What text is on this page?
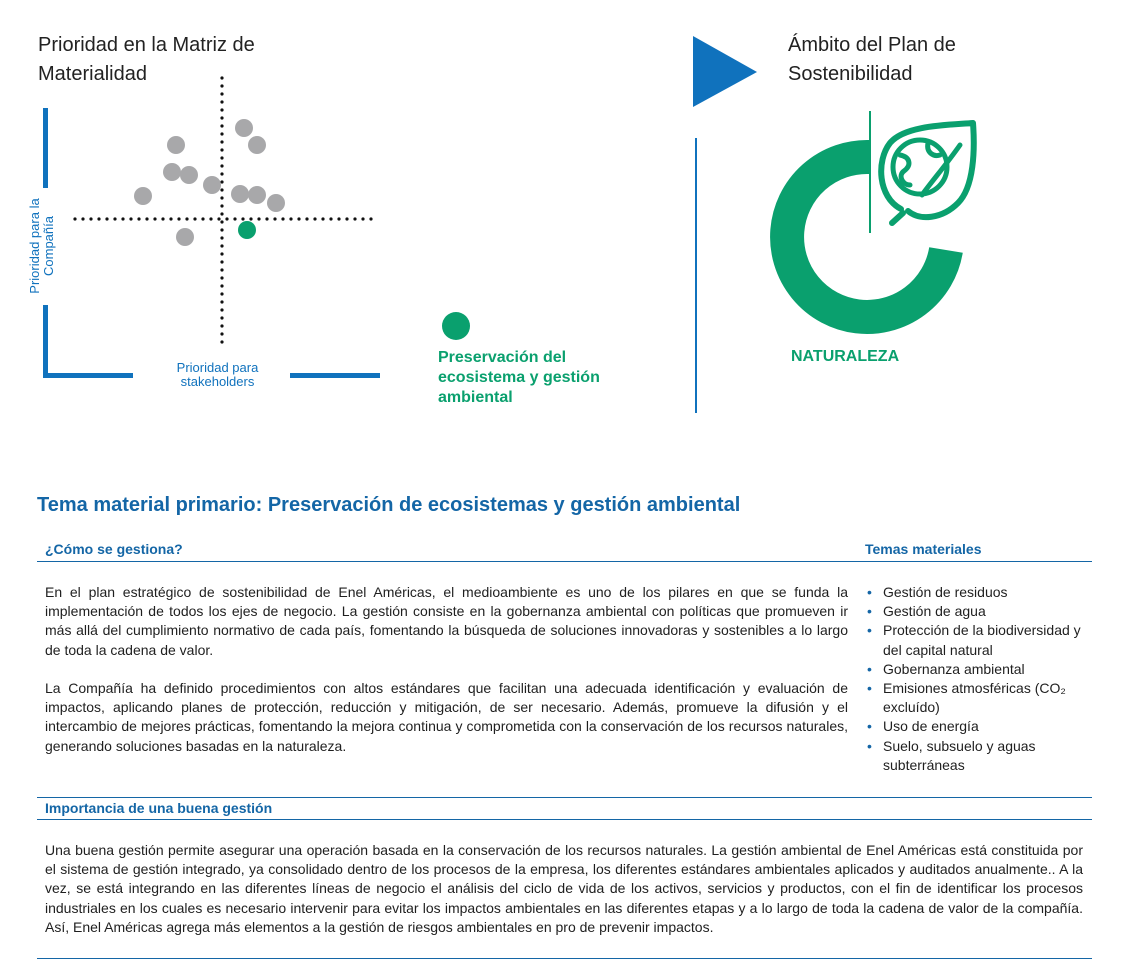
Prioridad en la Matriz de Materialidad
Prioridad para la Compañía
Prioridad para stakeholders
Preservación del ecosistema y gestión ambiental
Ámbito del Plan de Sostenibilidad
NATURALEZA
Tema material primario: Preservación de ecosistemas y gestión ambiental
¿Cómo se gestiona?	Temas materiales
En el plan estratégico de sostenibilidad de Enel Américas, el medioambiente es uno de los pilares en que se funda la implementación de todos los ejes de negocio. La gestión consiste en la gobernanza ambiental con políticas que promueven ir más allá del cumplimiento normativo de cada país, fomentando la búsqueda de soluciones innovadoras y sostenibles a lo largo de toda la cadena de valor.
La Compañía ha definido procedimientos con altos estándares que facilitan una adecuada identificación y evaluación de impactos, aplicando planes de protección, reducción y mitigación, de ser necesario. Además, promueve la difusión y el intercambio de mejores prácticas, fomentando la mejora continua y comprometida con la conservación de los recursos naturales, generando soluciones basadas en la naturaleza.
• Gestión de residuos
• Gestión de agua
• Protección de la biodiversidad y del capital natural
• Gobernanza ambiental
• Emisiones atmosféricas (CO₂ excluído)
• Uso de energía
• Suelo, subsuelo y aguas subterráneas
Importancia de una buena gestión
Una buena gestión permite asegurar una operación basada en la conservación de los recursos naturales. La gestión ambiental de Enel Américas está constituida por el sistema de gestión integrado, ya consolidado dentro de los procesos de la empresa, los diferentes estándares ambientales aplicados y auditados anualmente.. A la vez, se está integrando en las diferentes líneas de negocio el análisis del ciclo de vida de los activos, servicios y productos, con el fin de identificar los procesos industriales en los cuales es necesario intervenir para evitar los impactos ambientales en las diferentes etapas y a lo largo de toda la cadena de valor de la compañía. Así, Enel Américas agrega más elementos a la gestión de riesgos ambientales en pro de prevenir impactos.
